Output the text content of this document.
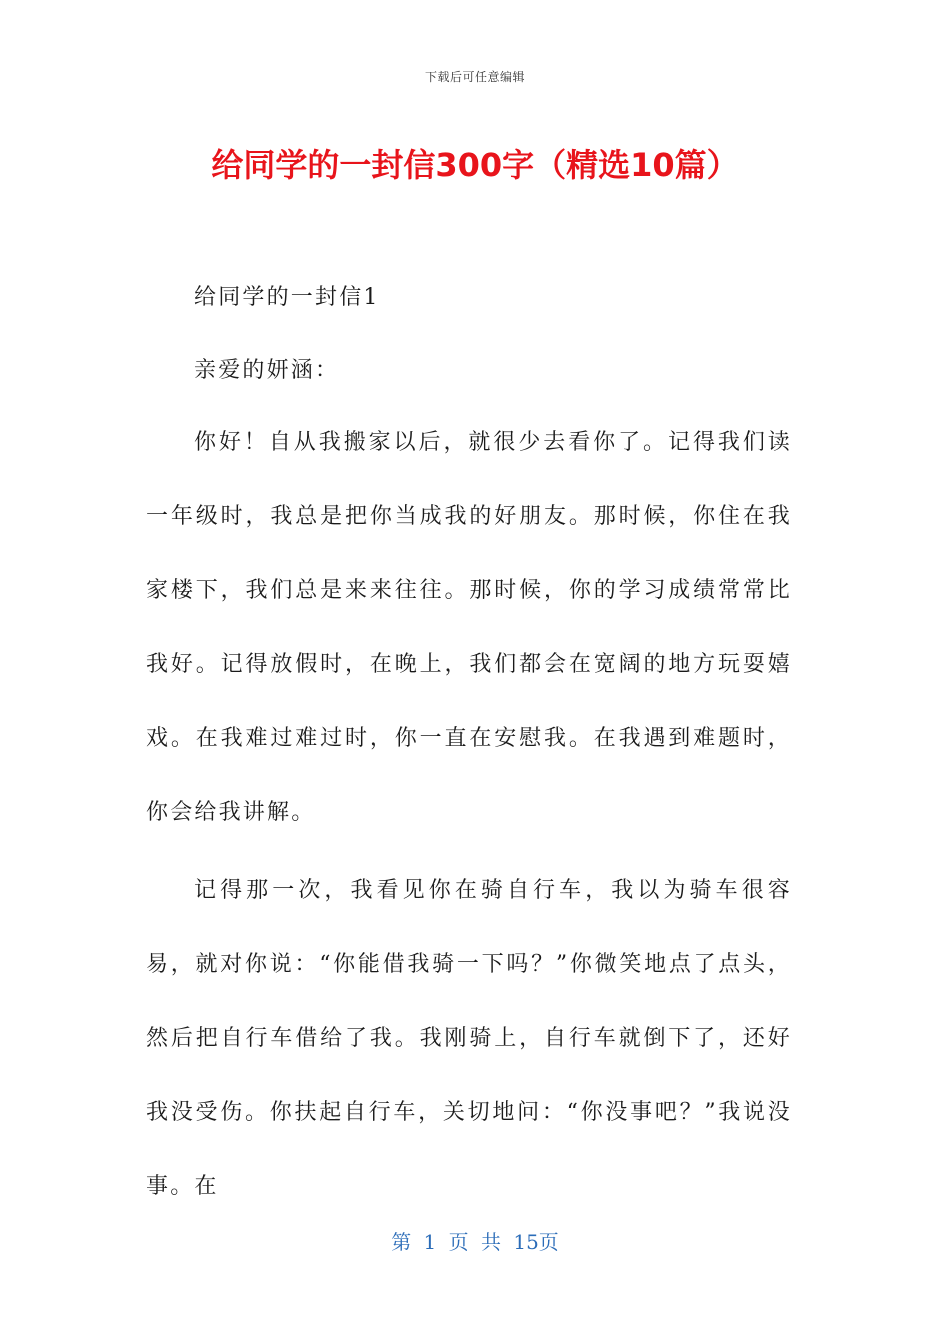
下载后可任意编辑
给同学的一封信300字（精选10篇）

给同学的一封信1

亲爱的妍涵：

你好！自从我搬家以后，就很少去看你了。记得我们读一年级时，我总是把你当成我的好朋友。那时候，你住在我家楼下，我们总是来来往往。那时候，你的学习成绩常常比我好。记得放假时，在晚上，我们都会在宽阔的地方玩耍嬉戏。在我难过难过时，你一直在安慰我。在我遇到难题时，你会给我讲解。

记得那一次，我看见你在骑自行车，我以为骑车很容易，就对你说：“你能借我骑一下吗？”你微笑地点了点头，然后把自行车借给了我。我刚骑上，自行车就倒下了，还好我没受伤。你扶起自行车，关切地问：“你没事吧？”我说没事。在

第 1 页 共 15页
